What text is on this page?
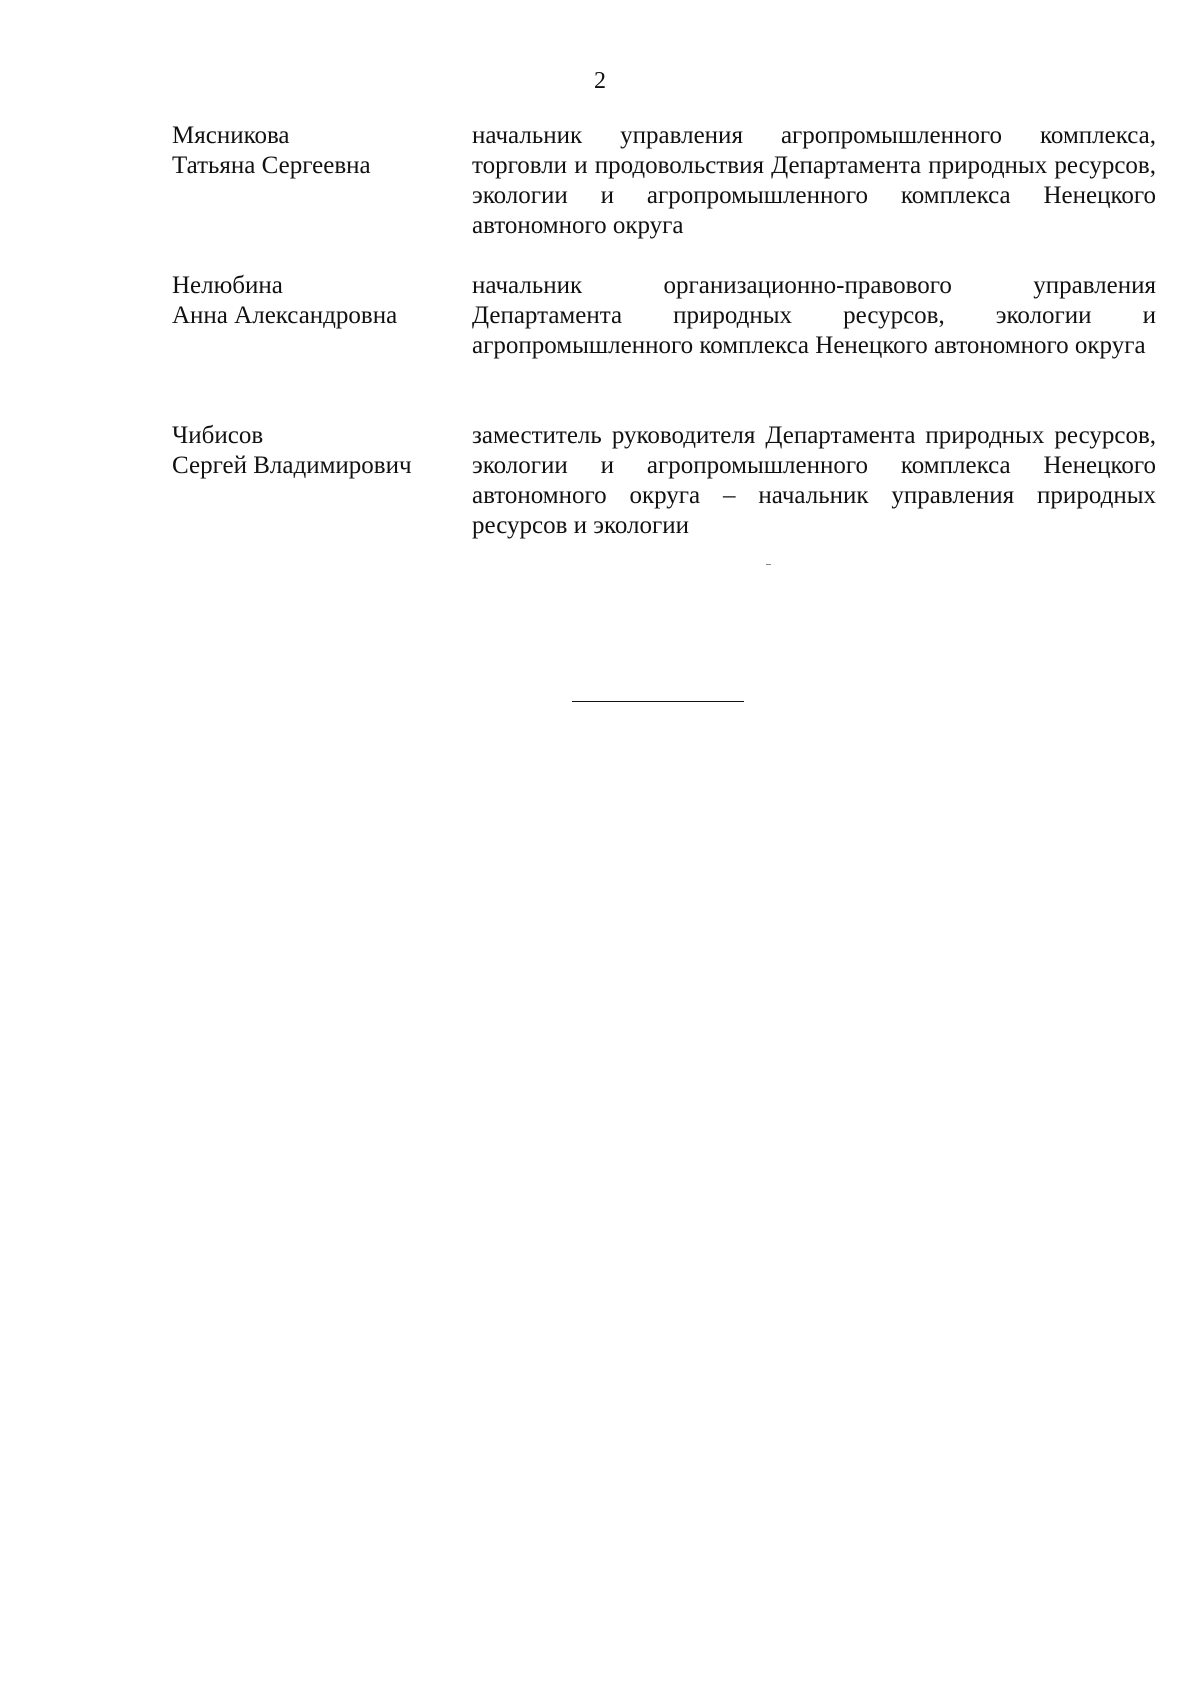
2
Мясникова
Татьяна Сергеевна
начальник управления агропромышленного комплекса, торговли и продовольствия Департамента природных ресурсов, экологии и агропромышленного комплекса Ненецкого автономного округа
Нелюбина
Анна Александровна
начальник организационно-правового управления Департамента природных ресурсов, экологии и агропромышленного комплекса Ненецкого автономного округа
Чибисов
Сергей Владимирович
заместитель руководителя Департамента природных ресурсов, экологии и агропромышленного комплекса Ненецкого автономного округа – начальник управления природных ресурсов и экологии
